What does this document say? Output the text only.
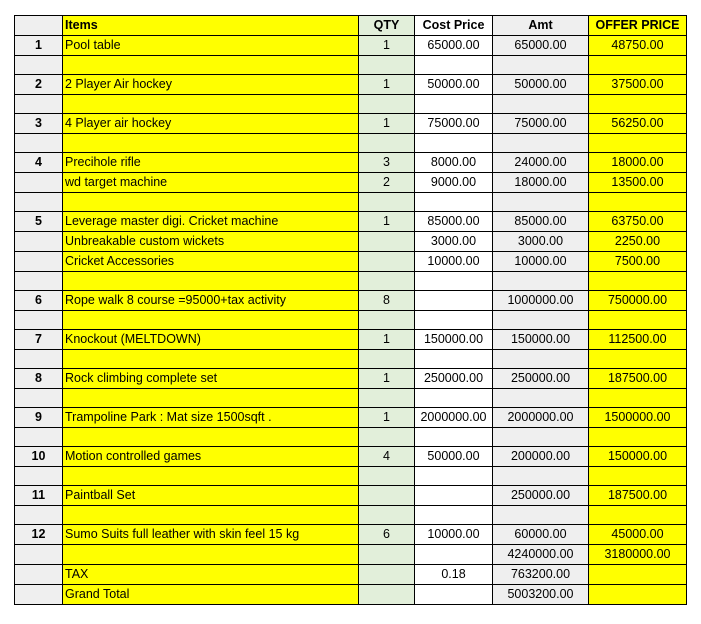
	Items	QTY	Cost Price	Amt	OFFER PRICE
1	Pool table	1	65000.00	65000.00	48750.00

2	2 Player Air hockey	1	50000.00	50000.00	37500.00

3	4 Player air hockey	1	75000.00	75000.00	56250.00

4	Precihole rifle	3	8000.00	24000.00	18000.00
	wd target machine	2	9000.00	18000.00	13500.00

5	Leverage master digi. Cricket machine	1	85000.00	85000.00	63750.00
	Unbreakable custom wickets		3000.00	3000.00	2250.00
	Cricket Accessories		10000.00	10000.00	7500.00

6	Rope walk 8 course =95000+tax activity	8		1000000.00	750000.00

7	Knockout (MELTDOWN)	1	150000.00	150000.00	112500.00

8	Rock climbing complete set	1	250000.00	250000.00	187500.00

9	Trampoline Park : Mat size 1500sqft .	1	2000000.00	2000000.00	1500000.00

10	Motion controlled games	4	50000.00	200000.00	150000.00

11	Paintball Set			250000.00	187500.00

12	Sumo Suits full leather with skin feel 15 kg	6	10000.00	60000.00	45000.00
				4240000.00	3180000.00
	TAX		0.18	763200.00	
	Grand Total			5003200.00	
